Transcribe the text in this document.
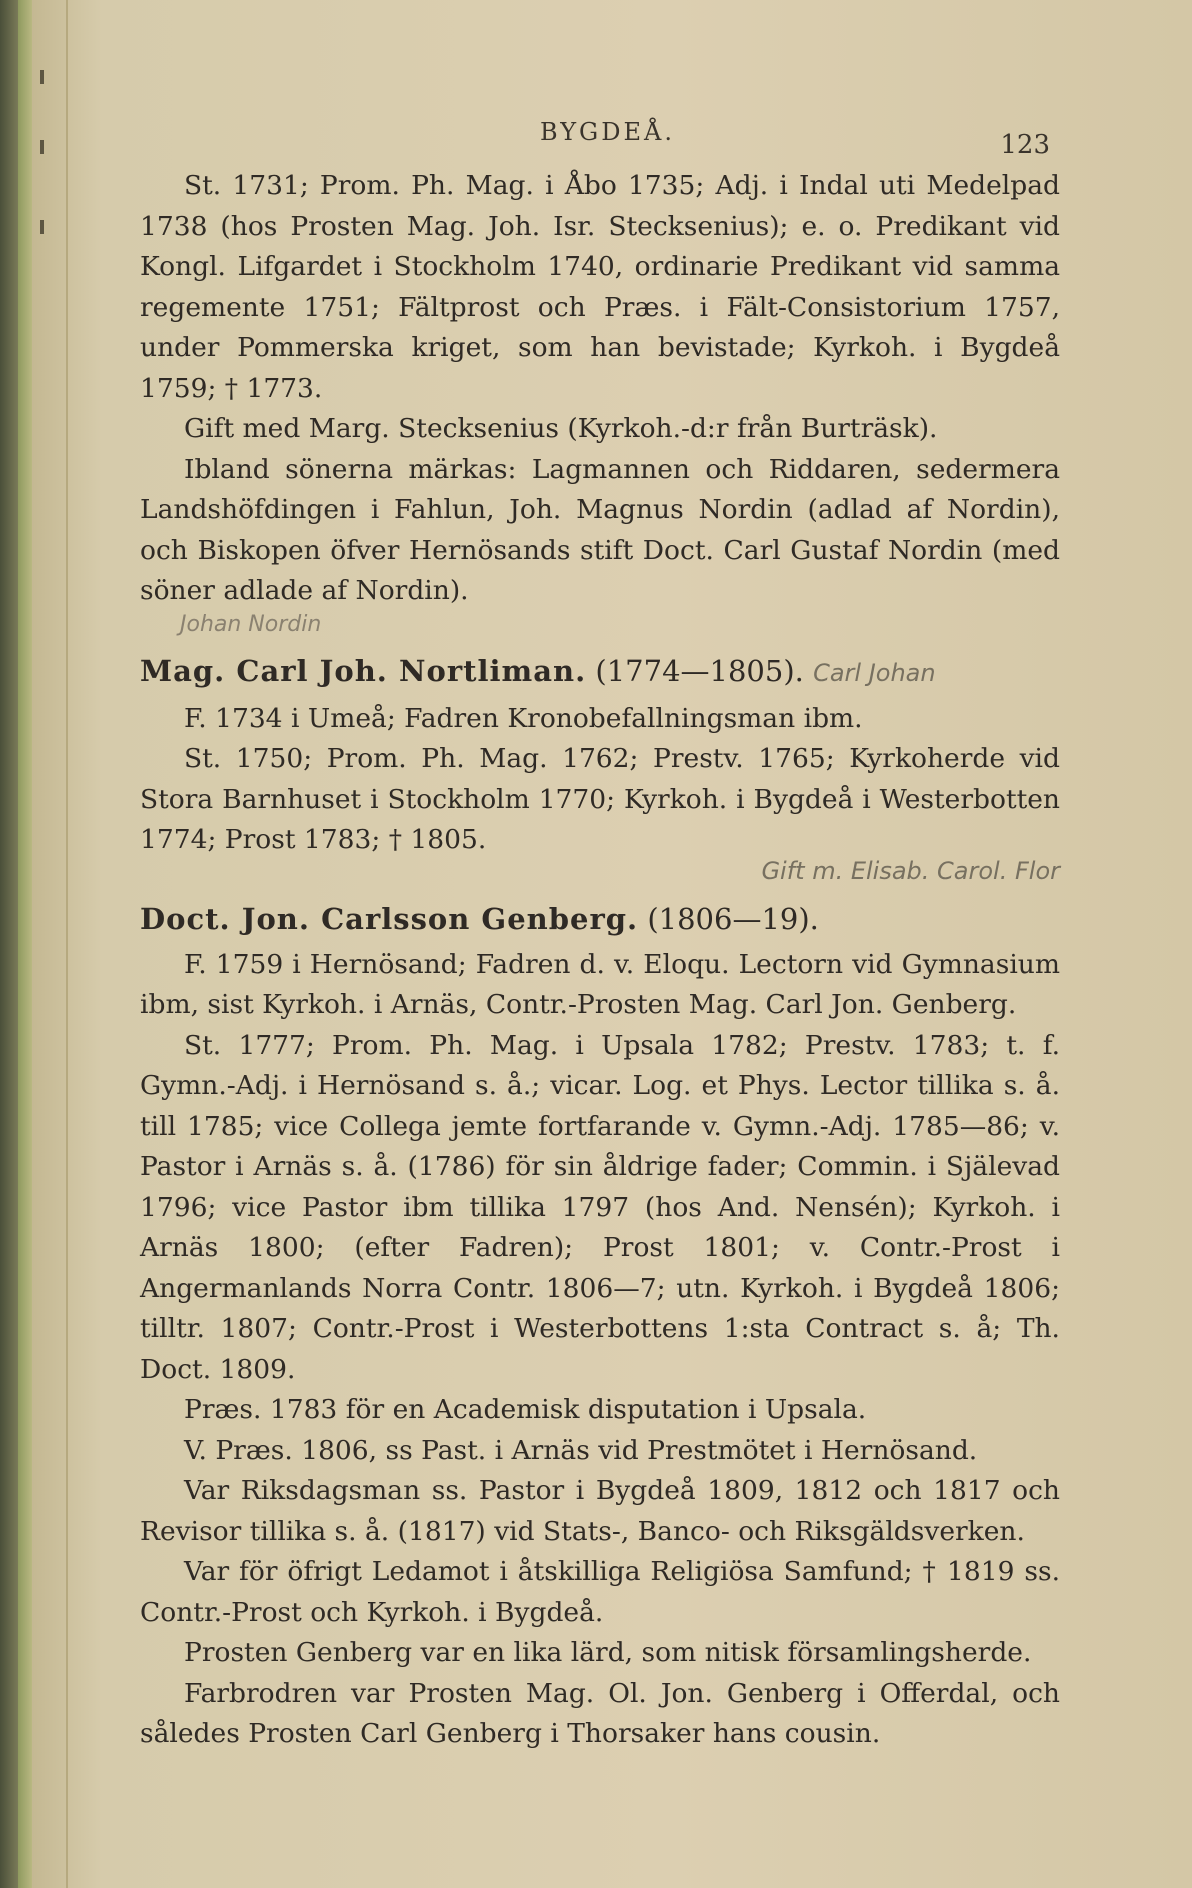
BYGDEÅ.	123

St. 1731; Prom. Ph. Mag. i Åbo 1735; Adj. i Indal uti Medelpad 1738 (hos Prosten Mag. Joh. Isr. Stecksenius); e. o. Predikant vid Kongl. Lifgardet i Stockholm 1740, ordinarie Predikant vid samma regemente 1751; Fältprost och Præs. i Fält-Consistorium 1757, under Pommerska kriget, som han bevistade; Kyrkoh. i Bygdeå 1759; † 1773.

Gift med Marg. Stecksenius (Kyrkoh.-d:r från Burträsk).

Ibland sönerna märkas: Lagmannen och Riddaren, sedermera Landshöfdingen i Fahlun, Joh. Magnus Nordin (adlad af Nordin), och Biskopen öfver Hernösands stift Doct. Carl Gustaf Nordin (med söner adlade af Nordin).

Johan Nordin
Mag. Carl Joh. Nortliman. (1774—1805). Carl Johan

F. 1734 i Umeå; Fadren Kronobefallningsman ibm.

St. 1750; Prom. Ph. Mag. 1762; Prestv. 1765; Kyrkoherde vid Stora Barnhuset i Stockholm 1770; Kyrkoh. i Bygdeå i Westerbotten 1774; Prost 1783; † 1805.

Gift m. Elisab. Carol. Flor
Doct. Jon. Carlsson Genberg. (1806—19).

F. 1759 i Hernösand; Fadren d. v. Eloqu. Lectorn vid Gymnasium ibm, sist Kyrkoh. i Arnäs, Contr.-Prosten Mag. Carl Jon. Genberg.

St. 1777; Prom. Ph. Mag. i Upsala 1782; Prestv. 1783; t. f. Gymn.-Adj. i Hernösand s. å.; vicar. Log. et Phys. Lector tillika s. å. till 1785; vice Collega jemte fortfarande v. Gymn.-Adj. 1785—86; v. Pastor i Arnäs s. å. (1786) för sin åldrige fader; Commin. i Själevad 1796; vice Pastor ibm tillika 1797 (hos And. Nensén); Kyrkoh. i Arnäs 1800; (efter Fadren); Prost 1801; v. Contr.-Prost i Angermanlands Norra Contr. 1806—7; utn. Kyrkoh. i Bygdeå 1806; tilltr. 1807; Contr.-Prost i Westerbottens 1:sta Contract s. å; Th. Doct. 1809.

Præs. 1783 för en Academisk disputation i Upsala.

V. Præs. 1806, ss Past. i Arnäs vid Prestmötet i Hernösand.

Var Riksdagsman ss. Pastor i Bygdeå 1809, 1812 och 1817 och Revisor tillika s. å. (1817) vid Stats-, Banco- och Riksgäldsverken.

Var för öfrigt Ledamot i åtskilliga Religiösa Samfund; † 1819 ss. Contr.-Prost och Kyrkoh. i Bygdeå.

Prosten Genberg var en lika lärd, som nitisk församlingsherde.

Farbrodren var Prosten Mag. Ol. Jon. Genberg i Offerdal, och således Prosten Carl Genberg i Thorsaker hans cousin.
